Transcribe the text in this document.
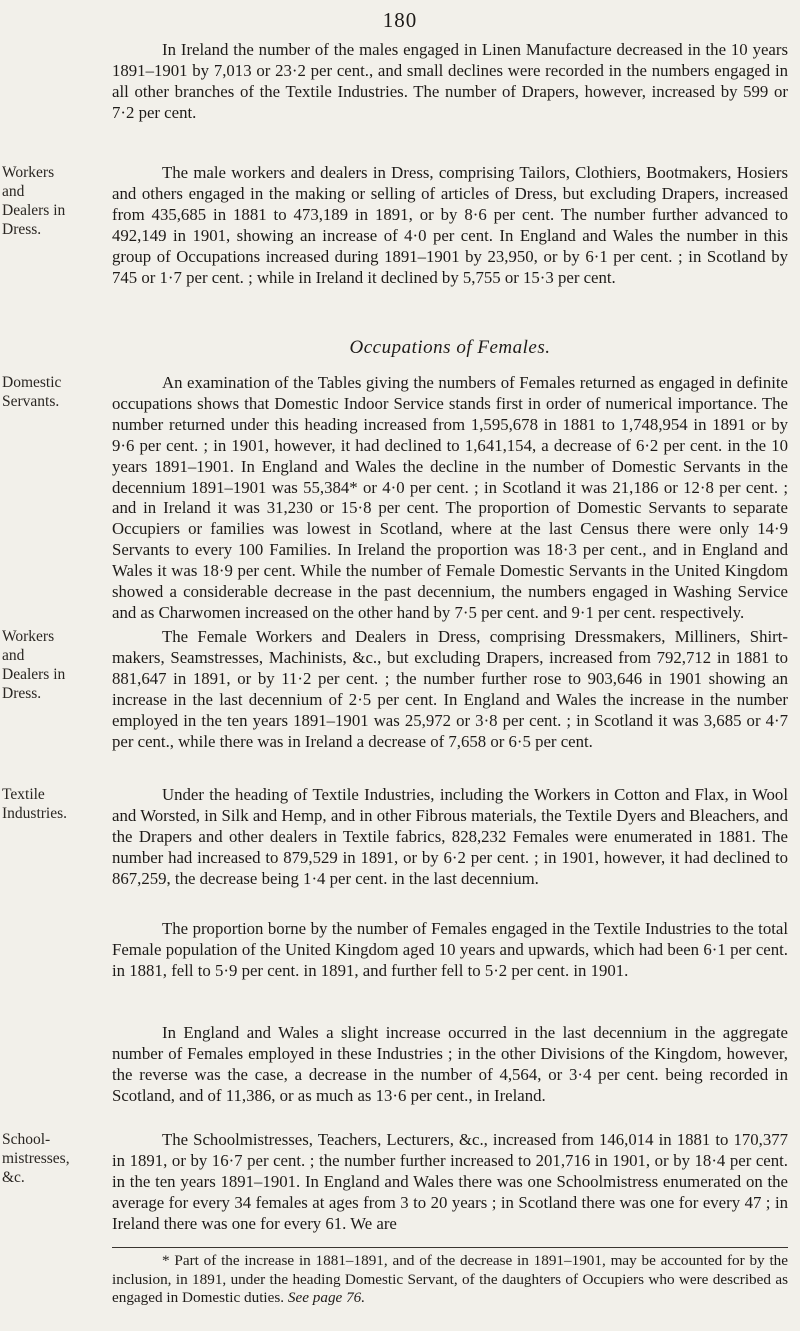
180

In Ireland the number of the males engaged in Linen Manufacture decreased in the 10 years 1891–1901 by 7,013 or 23·2 per cent., and small declines were recorded in the numbers engaged in all other branches of the Textile Industries. The number of Drapers, however, increased by 599 or 7·2 per cent.

Workers
and
Dealers in
Dress.

The male workers and dealers in Dress, comprising Tailors, Clothiers, Bootmakers, Hosiers and others engaged in the making or selling of articles of Dress, but excluding Drapers, increased from 435,685 in 1881 to 473,189 in 1891, or by 8·6 per cent. The number further advanced to 492,149 in 1901, showing an increase of 4·0 per cent. In England and Wales the number in this group of Occupations increased during 1891–1901 by 23,950, or by 6·1 per cent. ; in Scotland by 745 or 1·7 per cent. ; while in Ireland it declined by 5,755 or 15·3 per cent.

Occupations of Females.
Domestic
Servants.

An examination of the Tables giving the numbers of Females returned as engaged in definite occupations shows that Domestic Indoor Service stands first in order of numerical importance. The number returned under this heading increased from 1,595,678 in 1881 to 1,748,954 in 1891 or by 9·6 per cent. ; in 1901, however, it had declined to 1,641,154, a decrease of 6·2 per cent. in the 10 years 1891–1901. In England and Wales the decline in the number of Domestic Servants in the decennium 1891–1901 was 55,384* or 4·0 per cent. ; in Scotland it was 21,186 or 12·8 per cent. ; and in Ireland it was 31,230 or 15·8 per cent. The proportion of Domestic Servants to separate Occupiers or families was lowest in Scotland, where at the last Census there were only 14·9 Servants to every 100 Families. In Ireland the proportion was 18·3 per cent., and in England and Wales it was 18·9 per cent. While the number of Female Domestic Servants in the United Kingdom showed a considerable decrease in the past decennium, the numbers engaged in Washing Service and as Charwomen increased on the other hand by 7·5 per cent. and 9·1 per cent. respectively.

Workers
and
Dealers in
Dress.

The Female Workers and Dealers in Dress, comprising Dressmakers, Milliners, Shirt-makers, Seamstresses, Machinists, &c., but excluding Drapers, increased from 792,712 in 1881 to 881,647 in 1891, or by 11·2 per cent. ; the number further rose to 903,646 in 1901 showing an increase in the last decennium of 2·5 per cent. In England and Wales the increase in the number employed in the ten years 1891–1901 was 25,972 or 3·8 per cent. ; in Scotland it was 3,685 or 4·7 per cent., while there was in Ireland a decrease of 7,658 or 6·5 per cent.

Textile
Industries.

Under the heading of Textile Industries, including the Workers in Cotton and Flax, in Wool and Worsted, in Silk and Hemp, and in other Fibrous materials, the Textile Dyers and Bleachers, and the Drapers and other dealers in Textile fabrics, 828,232 Females were enumerated in 1881. The number had increased to 879,529 in 1891, or by 6·2 per cent. ; in 1901, however, it had declined to 867,259, the decrease being 1·4 per cent. in the last decennium.

The proportion borne by the number of Females engaged in the Textile Industries to the total Female population of the United Kingdom aged 10 years and upwards, which had been 6·1 per cent. in 1881, fell to 5·9 per cent. in 1891, and further fell to 5·2 per cent. in 1901.

In England and Wales a slight increase occurred in the last decennium in the aggregate number of Females employed in these Industries ; in the other Divisions of the Kingdom, however, the reverse was the case, a decrease in the number of 4,564, or 3·4 per cent. being recorded in Scotland, and of 11,386, or as much as 13·6 per cent., in Ireland.

School-
mistresses,
&c.

The Schoolmistresses, Teachers, Lecturers, &c., increased from 146,014 in 1881 to 170,377 in 1891, or by 16·7 per cent. ; the number further increased to 201,716 in 1901, or by 18·4 per cent. in the ten years 1891–1901. In England and Wales there was one Schoolmistress enumerated on the average for every 34 females at ages from 3 to 20 years ; in Scotland there was one for every 47 ; in Ireland there was one for every 61. We are

* Part of the increase in 1881–1891, and of the decrease in 1891–1901, may be accounted for by the inclusion, in 1891, under the heading Domestic Servant, of the daughters of Occupiers who were described as engaged in Domestic duties. See page 76.
